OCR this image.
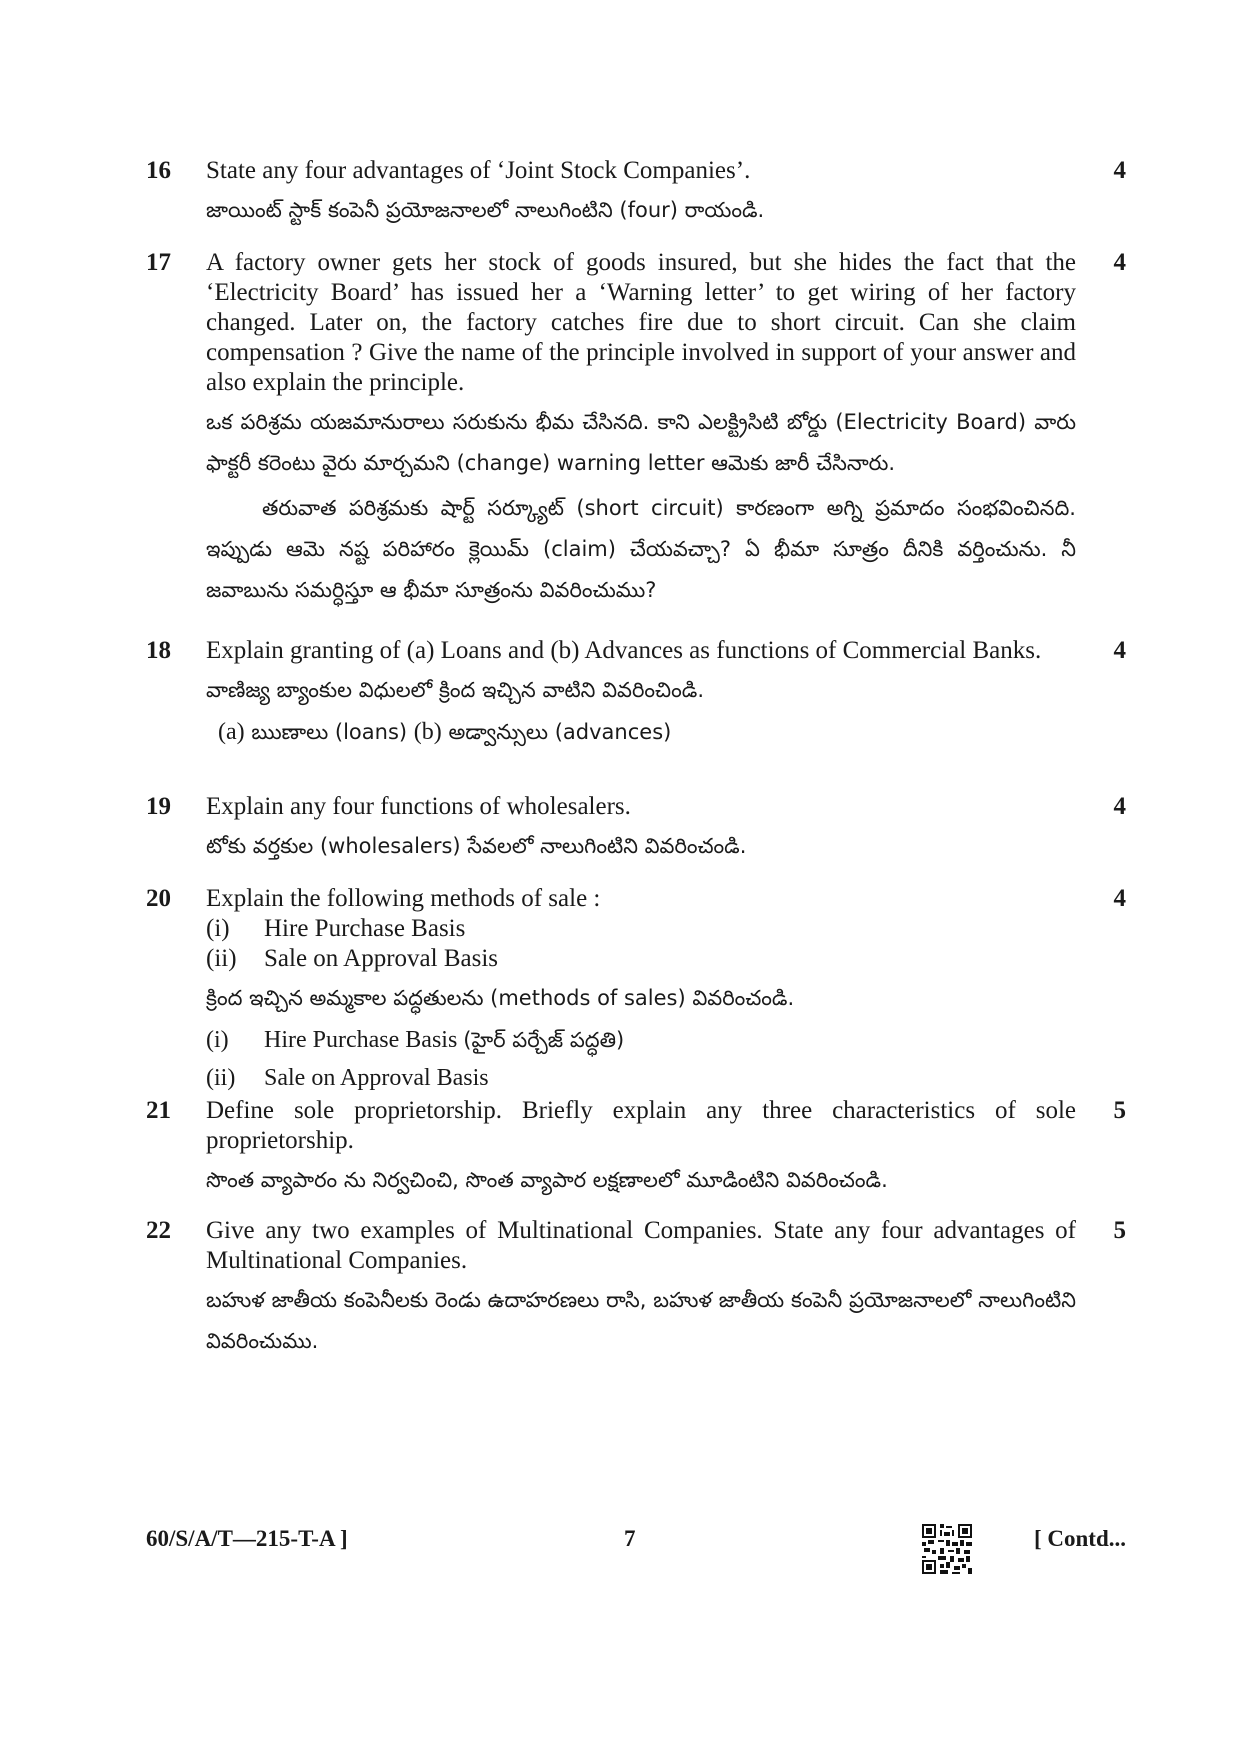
16	4
State any four advantages of ‘Joint Stock Companies’.
జాయింట్ స్టాక్ కంపెనీ ప్రయోజనాలలో నాలుగింటిని (four) రాయండి.
17	4
A factory owner gets her stock of goods insured, but she hides the fact that the ‘Electricity Board’ has issued her a ‘Warning letter’ to get wiring of her factory changed. Later on, the factory catches fire due to short circuit. Can she claim compensation ? Give the name of the principle involved in support of your answer and also explain the principle.
ఒక పరిశ్రమ యజమానురాలు సరుకును భీమ చేసినది. కాని ఎలక్ట్రిసిటి బోర్డు (Electricity Board) వారు ఫాక్టరీ కరెంటు వైరు మార్చమని (change) warning letter ఆమెకు జారీ చేసినారు.
తరువాత పరిశ్రమకు షార్ట్ సర్క్యూట్ (short circuit) కారణంగా అగ్ని ప్రమాదం సంభవించినది. ఇప్పుడు ఆమె నష్ట పరిహారం క్లెయిమ్ (claim) చేయవచ్చా? ఏ భీమా సూత్రం దీనికి వర్తించును. నీ జవాబును సమర్ధిస్తూ ఆ భీమా సూత్రంను వివరించుము?
18	4
Explain granting of (a) Loans and (b) Advances as functions of Commercial Banks.
వాణిజ్య బ్యాంకుల విధులలో క్రింద ఇచ్చిన వాటిని వివరించిండి.
(a) ఋణాలు (loans) (b) అడ్వాన్సులు (advances)
19	4
Explain any four functions of wholesalers.
టోకు వర్తకుల (wholesalers) సేవలలో నాలుగింటిని వివరించండి.
20	4
Explain the following methods of sale :
(i)	Hire Purchase Basis
(ii)	Sale on Approval Basis
క్రింద ఇచ్చిన అమ్మకాల పద్ధతులను (methods of sales) వివరించండి.
(i)	Hire Purchase Basis
(హైర్ పర్చేజ్ పద్ధతి)
(ii)	Sale on Approval Basis
21	5
Define sole proprietorship. Briefly explain any three characteristics of sole proprietorship.
సొంత వ్యాపారం ను నిర్వచించి, సొంత వ్యాపార లక్షణాలలో మూడింటిని వివరించండి.
22	5
Give any two examples of Multinational Companies. State any four advantages of Multinational Companies.
బహుళ జాతీయ కంపెనీలకు రెండు ఉదాహరణలు రాసి, బహుళ జాతీయ కంపెనీ ప్రయోజనాలలో నాలుగింటిని వివరించుము.
60/S/A/T—215-T-A ]	7	[ Contd...
